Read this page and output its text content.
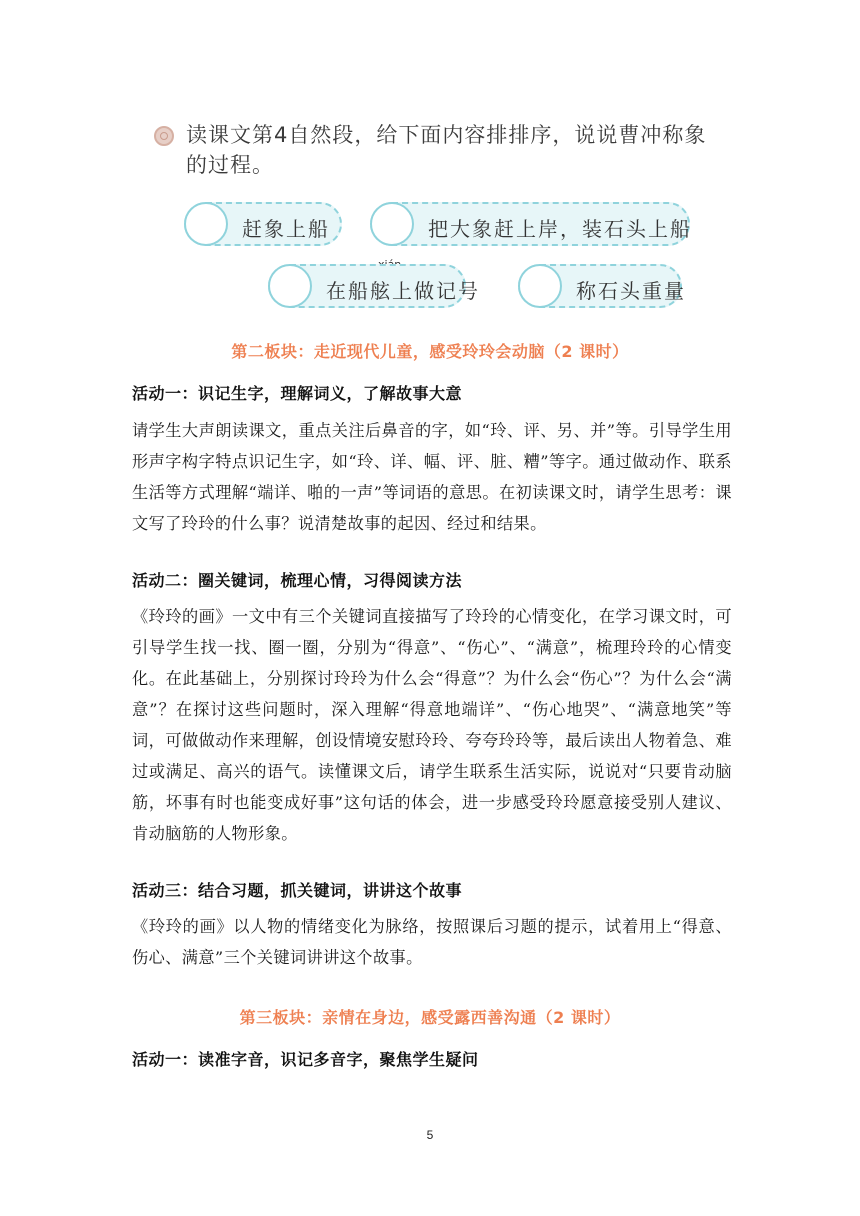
读课文第4自然段，给下面内容排排序，说说曹冲称象的过程。
赶象上船	把大象赶上岸，装石头上船
在船舷上做记号	称石头重量
第二板块：走近现代儿童，感受玲玲会动脑（2 课时）
活动一：识记生字，理解词义，了解故事大意
请学生大声朗读课文，重点关注后鼻音的字，如“玲、评、另、并”等。引导学生用形声字构字特点识记生字，如“玲、详、幅、评、脏、糟”等字。通过做动作、联系生活等方式理解“端详、啪的一声”等词语的意思。在初读课文时，请学生思考：课文写了玲玲的什么事？说清楚故事的起因、经过和结果。
活动二：圈关键词，梳理心情，习得阅读方法
《玲玲的画》一文中有三个关键词直接描写了玲玲的心情变化，在学习课文时，可引导学生找一找、圈一圈，分别为“得意”、“伤心”、“满意”，梳理玲玲的心情变化。在此基础上，分别探讨玲玲为什么会“得意”？为什么会“伤心”？为什么会“满意”？在探讨这些问题时，深入理解“得意地端详”、“伤心地哭”、“满意地笑”等词，可做做动作来理解，创设情境安慰玲玲、夸夸玲玲等，最后读出人物着急、难过或满足、高兴的语气。读懂课文后，请学生联系生活实际，说说对“只要肯动脑筋，坏事有时也能变成好事”这句话的体会，进一步感受玲玲愿意接受别人建议、肯动脑筋的人物形象。
活动三：结合习题，抓关键词，讲讲这个故事
《玲玲的画》以人物的情绪变化为脉络，按照课后习题的提示，试着用上“得意、伤心、满意”三个关键词讲讲这个故事。
第三板块：亲情在身边，感受露西善沟通（2 课时）
活动一：读准字音，识记多音字，聚焦学生疑问
5
